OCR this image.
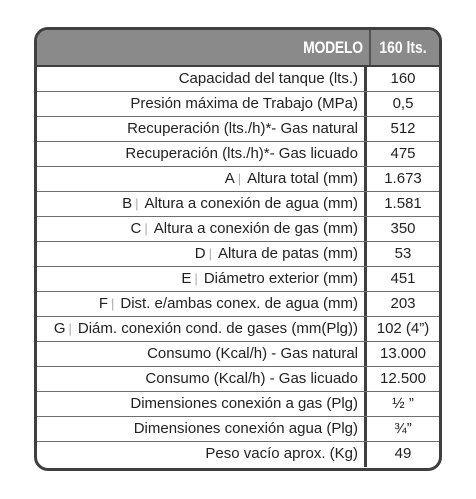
MODELO 160 lts.
Capacidad del tanque (lts.)	160
Presión máxima de Trabajo (MPa)	0,5
Recuperación (lts./h)*- Gas natural	512
Recuperación (lts./h)*- Gas licuado	475
A | Altura total (mm)	1.673
B | Altura a conexión de agua (mm)	1.581
C | Altura a conexión de gas (mm)	350
D | Altura de patas (mm)	53
E | Diámetro exterior (mm)	451
F | Dist. e/ambas conex. de agua (mm)	203
G | Diám. conexión cond. de gases (mm(Plg))	102 (4”)
Consumo (Kcal/h) - Gas natural	13.000
Consumo (Kcal/h) - Gas licuado	12.500
Dimensiones conexión a gas (Plg)	½ ”
Dimensiones conexión agua (Plg)	¾”
Peso vacío aprox. (Kg)	49
